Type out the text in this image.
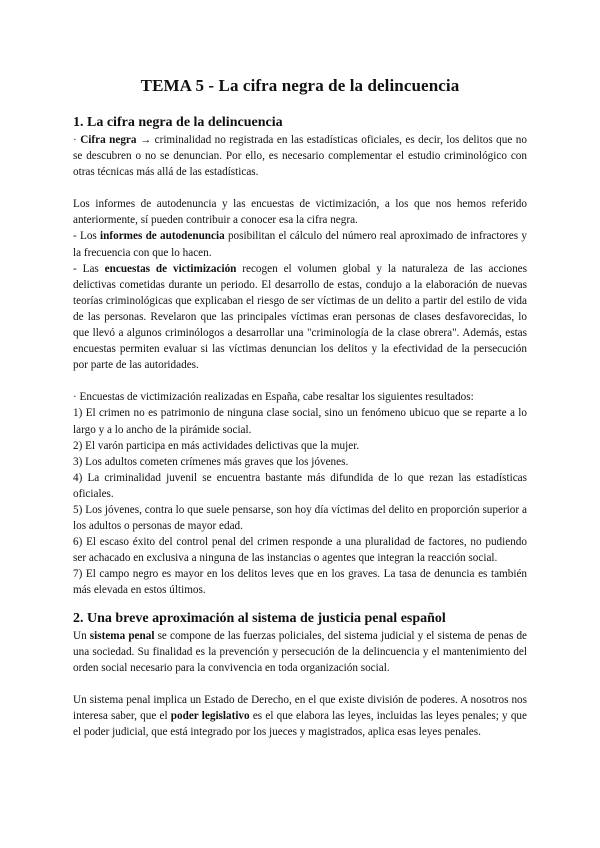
TEMA 5 - La cifra negra de la delincuencia
1. La cifra negra de la delincuencia

· Cifra negra → criminalidad no registrada en las estadísticas oficiales, es decir, los delitos que no se descubren o no se denuncian. Por ello, es necesario complementar el estudio criminológico con otras técnicas más allá de las estadísticas.

Los informes de autodenuncia y las encuestas de victimización, a los que nos hemos referido anteriormente, sí pueden contribuir a conocer esa la cifra negra.

- Los informes de autodenuncia posibilitan el cálculo del número real aproximado de infractores y la frecuencia con que lo hacen.

- Las encuestas de victimización recogen el volumen global y la naturaleza de las acciones delictivas cometidas durante un periodo. El desarrollo de estas, condujo a la elaboración de nuevas teorías criminológicas que explicaban el riesgo de ser víctimas de un delito a partir del estilo de vida de las personas. Revelaron que las principales víctimas eran personas de clases desfavorecidas, lo que llevó a algunos criminólogos a desarrollar una "criminología de la clase obrera". Además, estas encuestas permiten evaluar si las víctimas denuncian los delitos y la efectividad de la persecución por parte de las autoridades.

· Encuestas de victimización realizadas en España, cabe resaltar los siguientes resultados:

1) El crimen no es patrimonio de ninguna clase social, sino un fenómeno ubicuo que se reparte a lo largo y a lo ancho de la pirámide social.

2) El varón participa en más actividades delictivas que la mujer.

3) Los adultos cometen crímenes más graves que los jóvenes.

4) La criminalidad juvenil se encuentra bastante más difundida de lo que rezan las estadísticas oficiales.

5) Los jóvenes, contra lo que suele pensarse, son hoy día víctimas del delito en proporción superior a los adultos o personas de mayor edad.

6) El escaso éxito del control penal del crimen responde a una pluralidad de factores, no pudiendo ser achacado en exclusiva a ninguna de las instancias o agentes que integran la reacción social.

7) El campo negro es mayor en los delitos leves que en los graves. La tasa de denuncia es también más elevada en estos últimos.

2. Una breve aproximación al sistema de justicia penal español

Un sistema penal se compone de las fuerzas policiales, del sistema judicial y el sistema de penas de una sociedad. Su finalidad es la prevención y persecución de la delincuencia y el mantenimiento del orden social necesario para la convivencia en toda organización social.

Un sistema penal implica un Estado de Derecho, en el que existe división de poderes. A nosotros nos interesa saber, que el poder legislativo es el que elabora las leyes, incluidas las leyes penales; y que el poder judicial, que está integrado por los jueces y magistrados, aplica esas leyes penales.
